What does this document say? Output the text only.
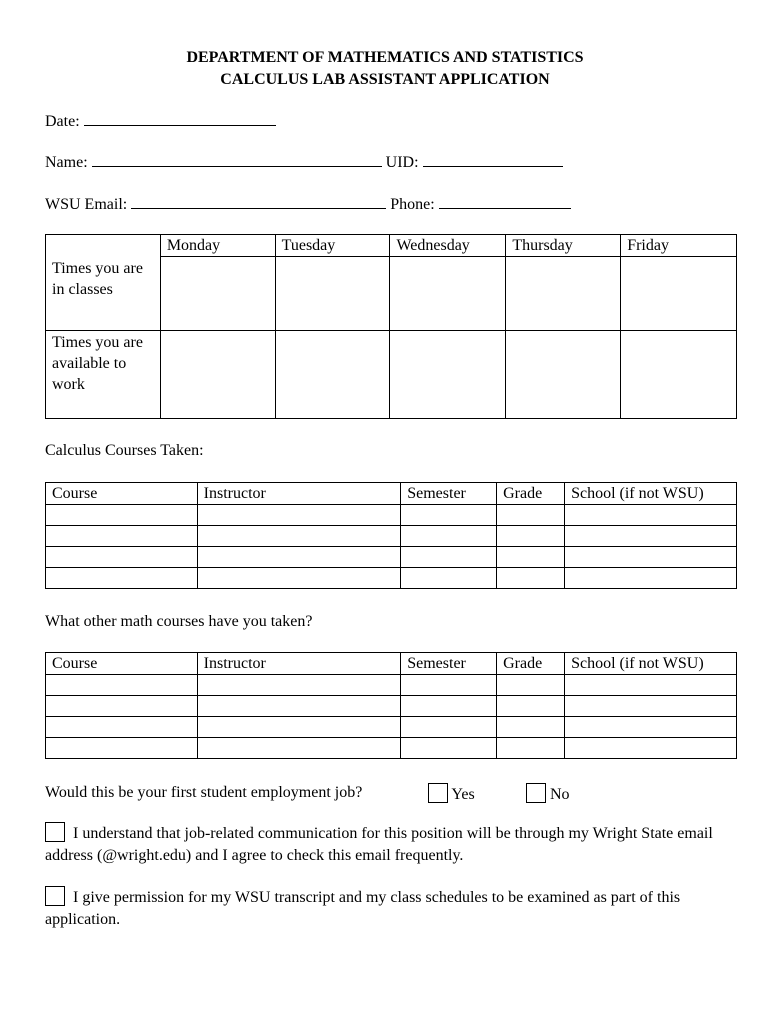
DEPARTMENT OF MATHEMATICS AND STATISTICS
CALCULUS LAB ASSISTANT APPLICATION
Date:
Name:	UID:
WSU Email:	Phone:
	Monday	Tuesday	Wednesday	Thursday	Friday
Times you are in classes					
Times you are available to work					
Calculus Courses Taken:
Course	Instructor	Semester	Grade	School (if not WSU)

What other math courses have you taken?
Course	Instructor	Semester	Grade	School (if not WSU)

Would this be your first student employment job?	Yes	No
I understand that job-related communication for this position will be through my Wright State email address (@wright.edu) and I agree to check this email frequently.
I give permission for my WSU transcript and my class schedules to be examined as part of this application.
